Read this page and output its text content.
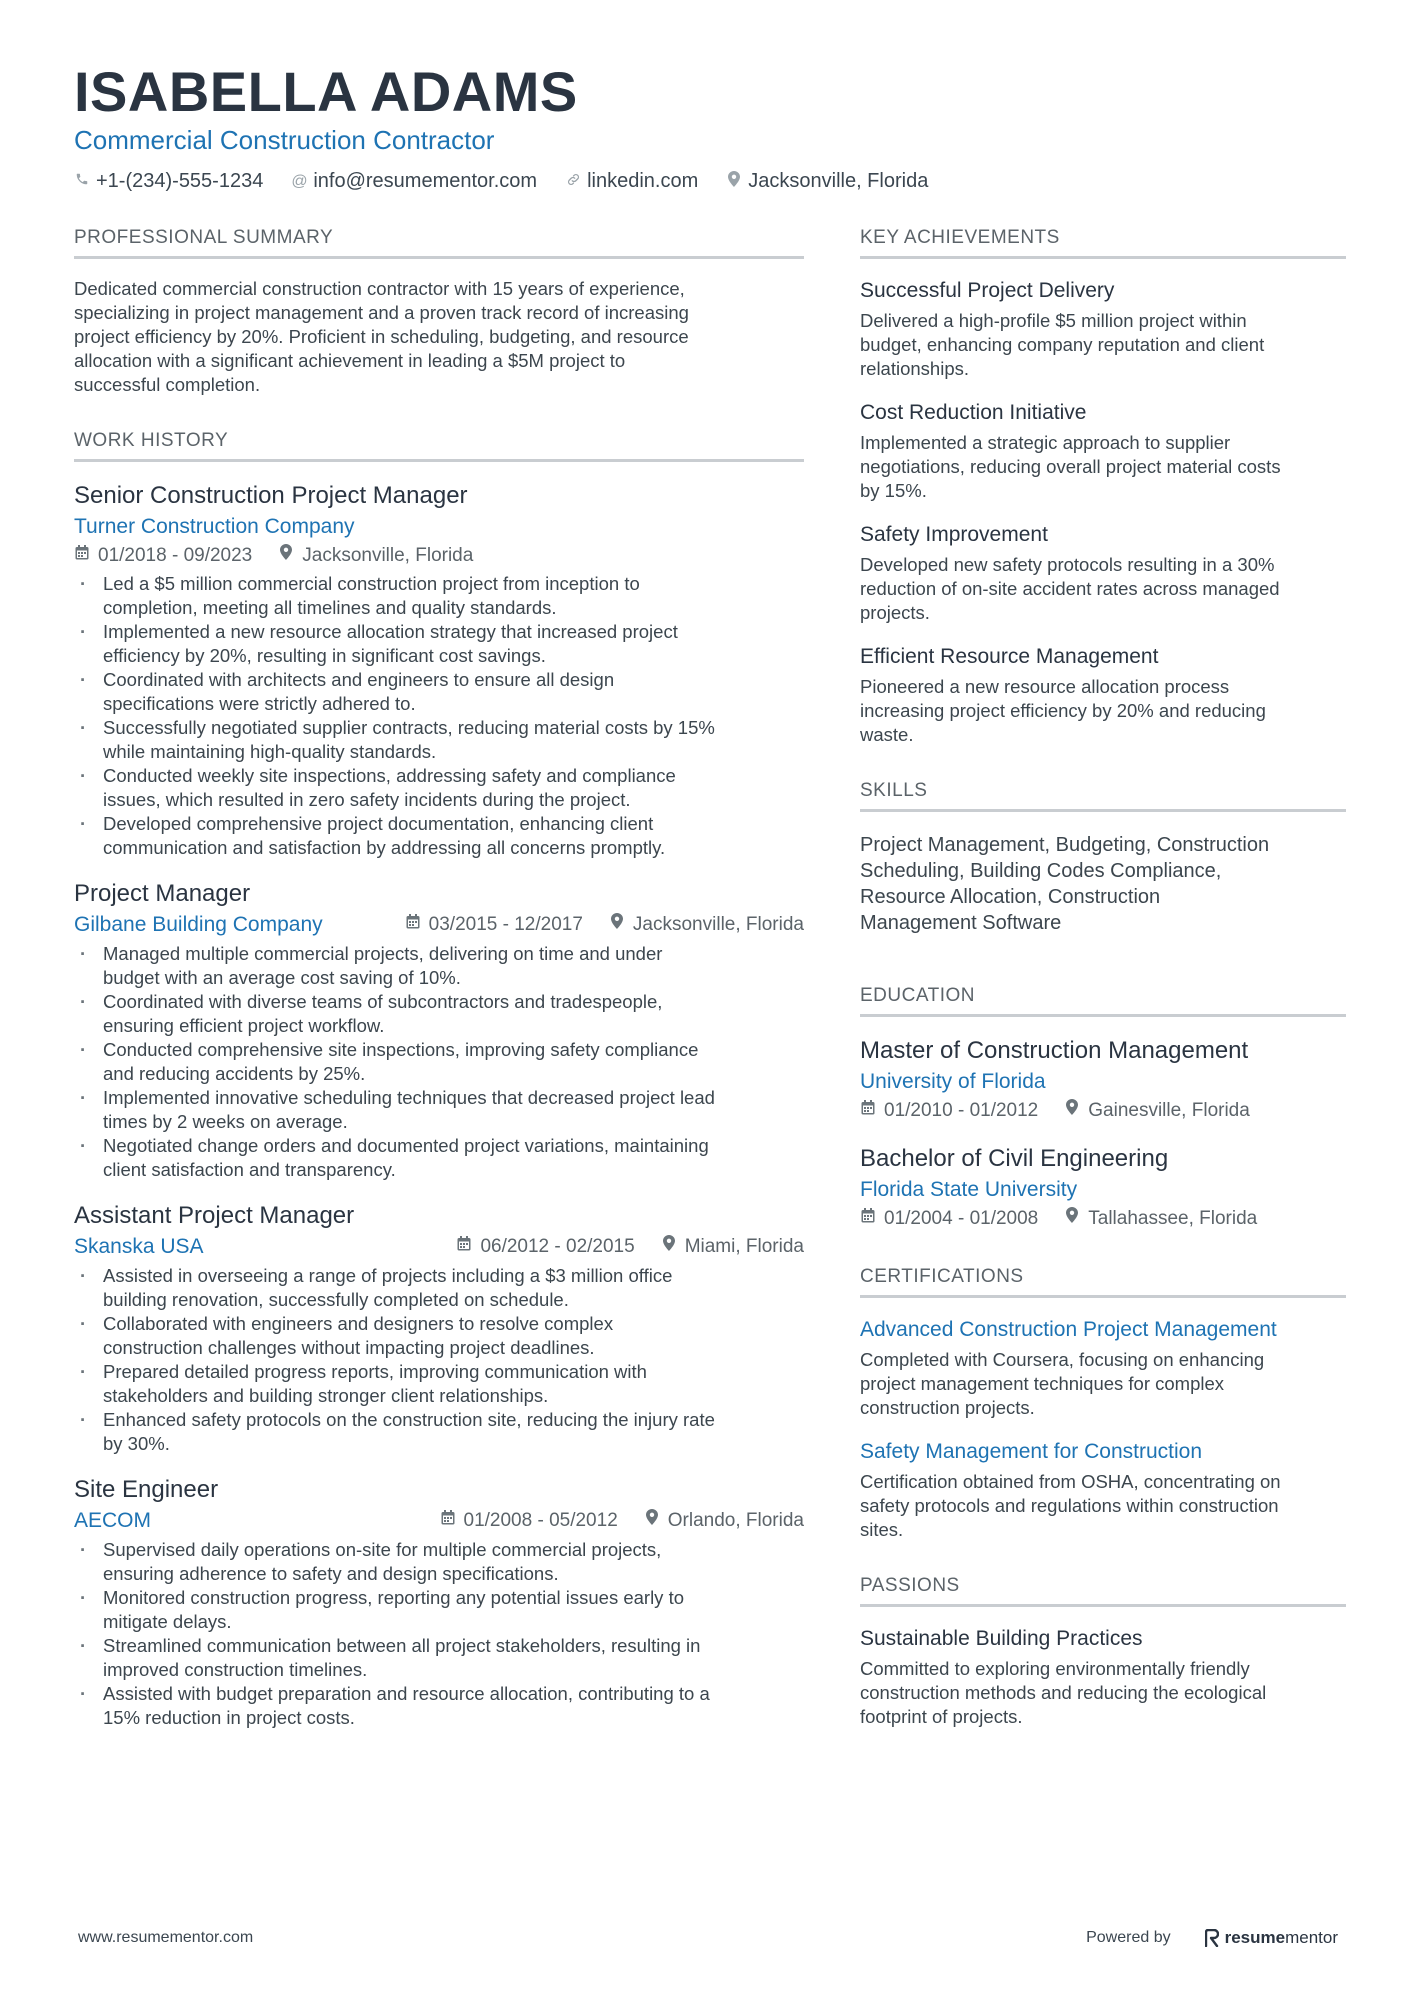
ISABELLA ADAMS
Commercial Construction Contractor
+1-(234)-555-1234 @ info@resumementor.com	linkedin.com	Jacksonville, Florida
PROFESSIONAL SUMMARY
Dedicated commercial construction contractor with 15 years of experience,
specializing in project management and a proven track record of increasing
project efficiency by 20%. Proficient in scheduling, budgeting, and resource
allocation with a significant achievement in leading a $5M project to
successful completion.
WORK HISTORY
Senior Construction Project Manager
Turner Construction Company
01/2018 - 09/2023	Jacksonville, Florida
· Led a $5 million commercial construction project from inception to
completion, meeting all timelines and quality standards.
· Implemented a new resource allocation strategy that increased project
efficiency by 20%, resulting in significant cost savings.
· Coordinated with architects and engineers to ensure all design
specifications were strictly adhered to.
· Successfully negotiated supplier contracts, reducing material costs by 15%
while maintaining high-quality standards.
· Conducted weekly site inspections, addressing safety and compliance
issues, which resulted in zero safety incidents during the project.
· Developed comprehensive project documentation, enhancing client
communication and satisfaction by addressing all concerns promptly.
Project Manager
Gilbane Building Company	03/2015 - 12/2017	Jacksonville, Florida
· Managed multiple commercial projects, delivering on time and under
budget with an average cost saving of 10%.
· Coordinated with diverse teams of subcontractors and tradespeople,
ensuring efficient project workflow.
· Conducted comprehensive site inspections, improving safety compliance
and reducing accidents by 25%.
· Implemented innovative scheduling techniques that decreased project lead
times by 2 weeks on average.
· Negotiated change orders and documented project variations, maintaining
client satisfaction and transparency.
Assistant Project Manager
Skanska USA	06/2012 - 02/2015	Miami, Florida
· Assisted in overseeing a range of projects including a $3 million office
building renovation, successfully completed on schedule.
· Collaborated with engineers and designers to resolve complex
construction challenges without impacting project deadlines.
· Prepared detailed progress reports, improving communication with
stakeholders and building stronger client relationships.
· Enhanced safety protocols on the construction site, reducing the injury rate
by 30%.
Site Engineer
AECOM	01/2008 - 05/2012	Orlando, Florida
· Supervised daily operations on-site for multiple commercial projects,
ensuring adherence to safety and design specifications.
· Monitored construction progress, reporting any potential issues early to
mitigate delays.
· Streamlined communication between all project stakeholders, resulting in
improved construction timelines.
· Assisted with budget preparation and resource allocation, contributing to a
15% reduction in project costs.
KEY ACHIEVEMENTS
Successful Project Delivery
Delivered a high-profile $5 million project within
budget, enhancing company reputation and client
relationships.
Cost Reduction Initiative
Implemented a strategic approach to supplier
negotiations, reducing overall project material costs
by 15%.
Safety Improvement
Developed new safety protocols resulting in a 30%
reduction of on-site accident rates across managed
projects.
Efficient Resource Management
Pioneered a new resource allocation process
increasing project efficiency by 20% and reducing
waste.
SKILLS
Project Management, Budgeting, Construction
Scheduling, Building Codes Compliance,
Resource Allocation, Construction
Management Software
EDUCATION
Master of Construction Management
University of Florida
01/2010 - 01/2012	Gainesville, Florida
Bachelor of Civil Engineering
Florida State University
01/2004 - 01/2008	Tallahassee, Florida
CERTIFICATIONS
Advanced Construction Project Management
Completed with Coursera, focusing on enhancing
project management techniques for complex
construction projects.
Safety Management for Construction
Certification obtained from OSHA, concentrating on
safety protocols and regulations within construction
sites.
PASSIONS
Sustainable Building Practices
Committed to exploring environmentally friendly
construction methods and reducing the ecological
footprint of projects.
www.resumementor.com	Powered by	resume mentor
